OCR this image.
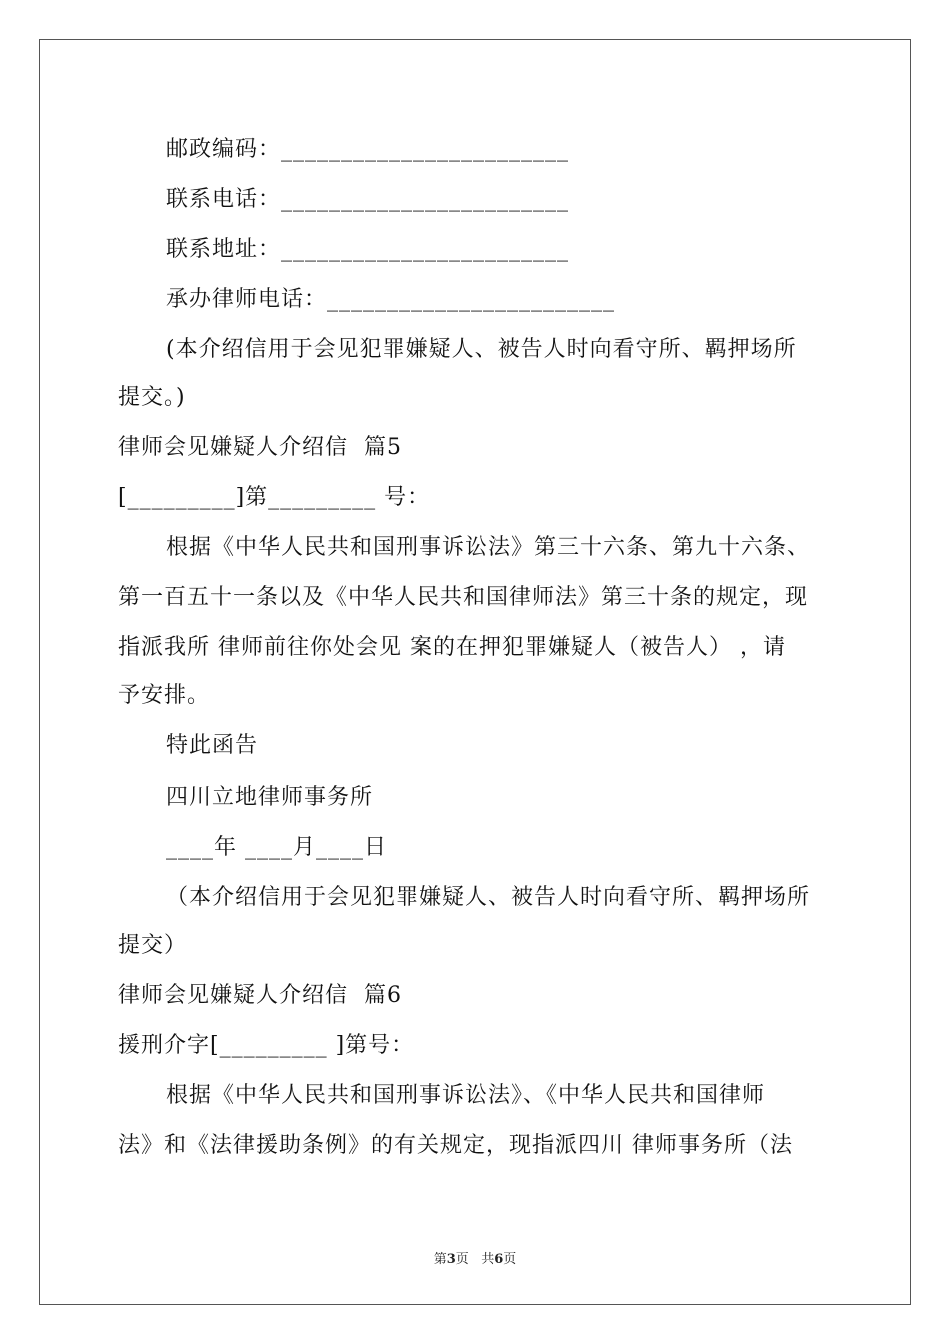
邮政编码：________________________
联系电话：________________________
联系地址：________________________
承办律师电话：________________________
(本介绍信用于会见犯罪嫌疑人、被告人时向看守所、羁押场所
提交。)
律师会见嫌疑人介绍信  篇5
[_________]第_________ 号：
根据《中华人民共和国刑事诉讼法》第三十六条、第九十六条、
第一百五十一条以及《中华人民共和国律师法》第三十条的规定，现
指派我所 律师前往你处会见 案的在押犯罪嫌疑人（被告人） ，请
予安排。
特此函告
四川立地律师事务所
____年 ____月____日
（本介绍信用于会见犯罪嫌疑人、被告人时向看守所、羁押场所
提交）
律师会见嫌疑人介绍信  篇6
援刑介字[_________ ]第号：
根据《中华人民共和国刑事诉讼法》、《中华人民共和国律师
法》和《法律援助条例》的有关规定，现指派四川 律师事务所（法
第3页 共6页
